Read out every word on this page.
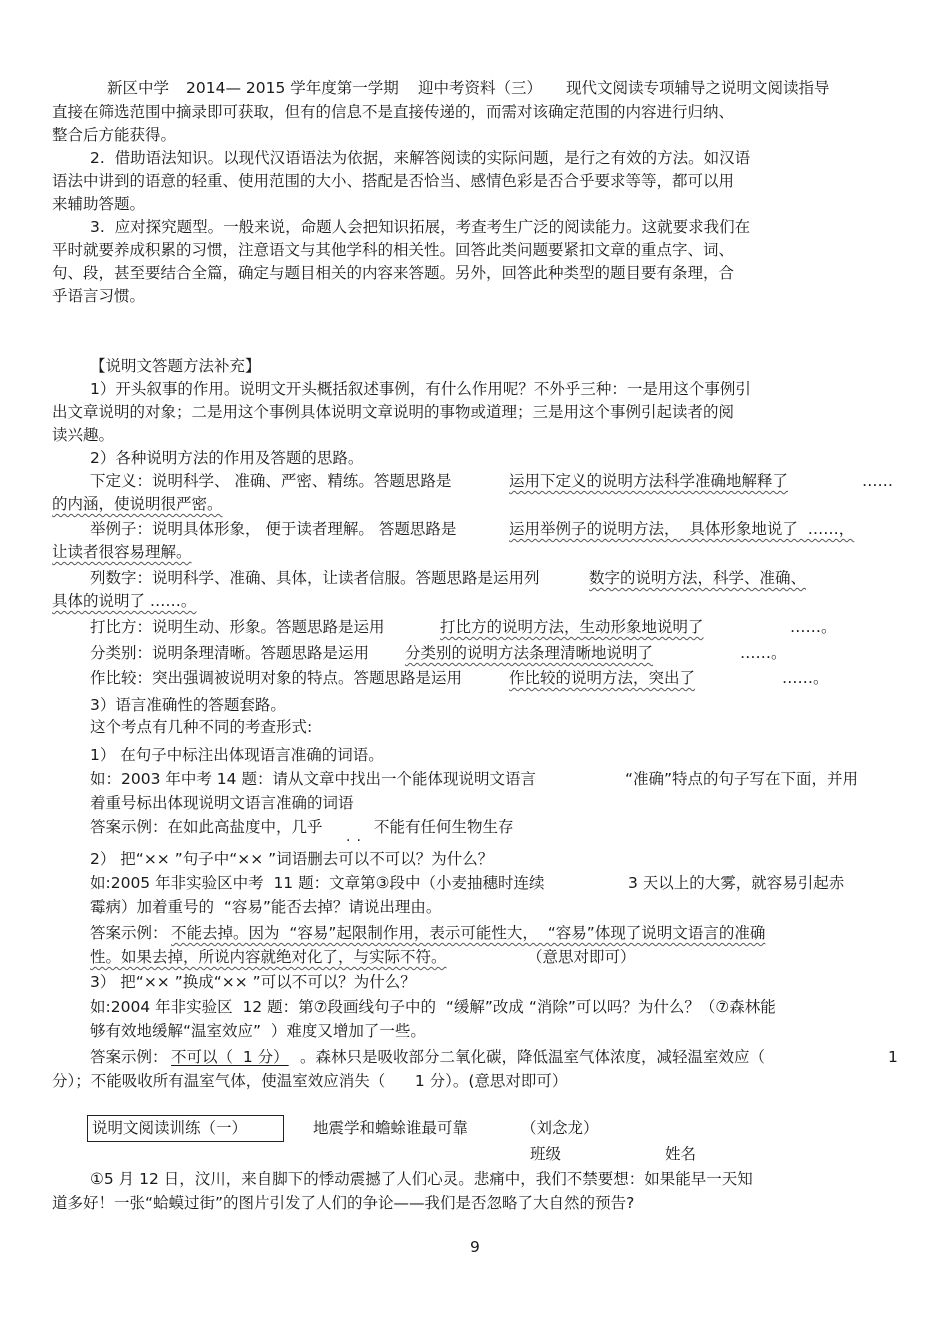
新区中学 2014— 2015 学年度第一学期 迎中考资料（三） 现代文阅读专项辅导之说明文阅读指导
直接在筛选范围中摘录即可获取，但有的信息不是直接传递的，而需对该确定范围的内容进行归纳、
整合后方能获得。
2.  借助语法知识。以现代汉语语法为依据，来解答阅读的实际问题，是行之有效的方法。如汉语
语法中讲到的语意的轻重、使用范围的大小、搭配是否恰当、感情色彩是否合乎要求等等，都可以用
来辅助答题。
3.  应对探究题型。一般来说，命题人会把知识拓展，考查考生广泛的阅读能力。这就要求我们在
平时就要养成积累的习惯，注意语文与其他学科的相关性。回答此类问题要紧扣文章的重点字、词、
句、段，甚至要结合全篇，确定与题目相关的内容来答题。另外，回答此种类型的题目要有条理，合
乎语言习惯。
【说明文答题方法补充】
1）开头叙事的作用。说明文开头概括叙述事例，有什么作用呢？不外乎三种：一是用这个事例引
出文章说明的对象；二是用这个事例具体说明文章说明的事物或道理；三是用这个事例引起读者的阅
读兴趣。
2）各种说明方法的作用及答题的思路。
下定义：说明科学、 准确、严密、精练。答题思路是	运用下定义的说明方法科学准确地解释了	……
的内涵，使说明很严密。
举例子：说明具体形象， 便于读者理解。 答题思路是	运用举例子的说明方法，  具体形象地说了  ……，
让读者很容易理解。
列数字：说明科学、准确、具体，让读者信服。答题思路是运用列	数字的说明方法，科学、准确、
具体的说明了 ……。
打比方：说明生动、形象。答题思路是运用	打比方的说明方法，生动形象地说明了	……。
分类别：说明条理清晰。答题思路是运用 分类别的说明方法条理清晰地说明了	……。
作比较：突出强调被说明对象的特点。答题思路是运用	作比较的说明方法，突出了	……。
3）语言准确性的答题套路。
这个考点有几种不同的考查形式:
1） 在句子中标注出体现语言准确的词语。
如：2003 年中考 14 题：请从文章中找出一个能体现说明文语言	“准确”特点的句子写在下面，并用
着重号标出体现说明文语言准确的词语
答案示例：在如此高盐度中，几乎	不能有任何生物生存
··
2） 把“×× ”句子中“×× ”词语删去可以不可以？为什么？
如:2005 年非实验区中考  11 题：文章第③段中（小麦抽穗时连续	3 天以上的大雾，就容易引起赤
霉病）加着重号的  “容易”能否去掉？请说出理由。
答案示例： 不能去掉。因为  “容易”起限制作用，表示可能性大，  “容易”体现了说明文语言的准确
性。如果去掉，所说内容就绝对化了，与实际不符。	（意思对即可）
3） 把“×× ”换成“×× ”可以不可以？为什么？
如:2004 年非实验区  12 题：第⑦段画线句子中的  “缓解”改成 “消除”可以吗？为什么？（⑦森林能
够有效地缓解“温室效应”  ）难度又增加了一些。
答案示例： 不可以（  1 分） 。森林只是吸收部分二氧化碳，降低温室气体浓度，减轻温室效应（	1
分）；不能吸收所有温室气体，使温室效应消失（      1 分）。(意思对即可）
说明文阅读训练（一）	地震学和蟾蜍谁最可靠	（刘念龙）
班级	姓名
①5 月 12 日，汶川，来自脚下的悸动震撼了人们心灵。悲痛中，我们不禁要想：如果能早一天知
道多好！一张“蛤蟆过街”的图片引发了人们的争论——我们是否忽略了大自然的预告?
9
